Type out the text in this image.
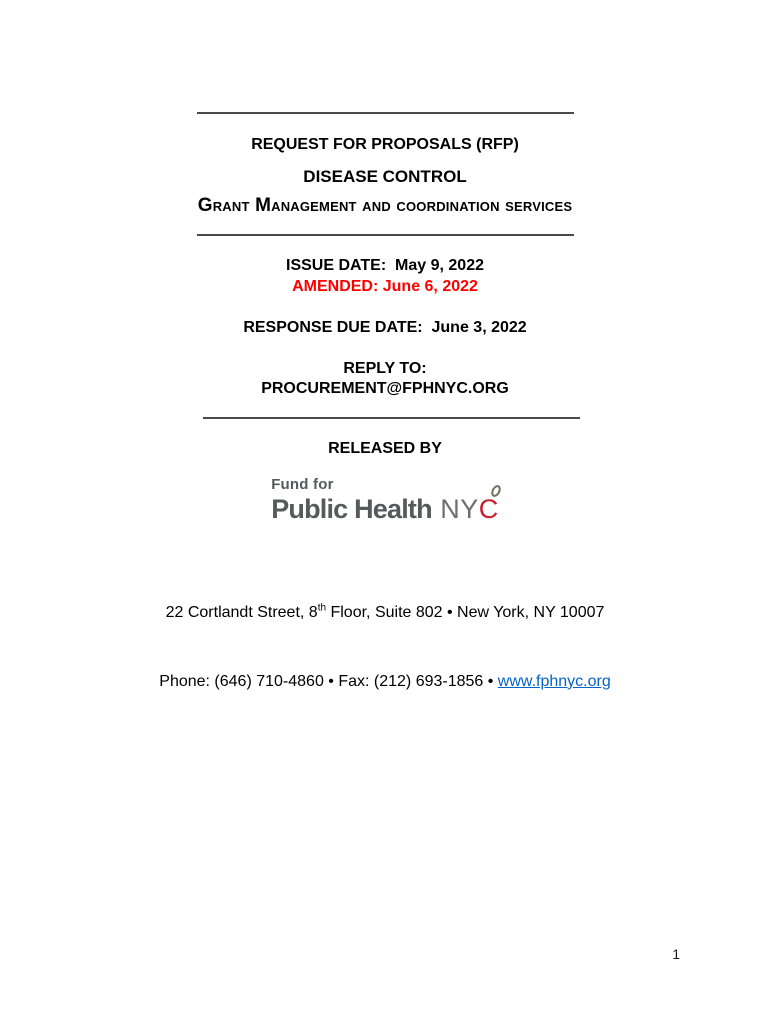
REQUEST FOR PROPOSALS (RFP)
DISEASE CONTROL
Grant Management and coordination services
ISSUE DATE:  May 9, 2022
AMENDED: June 6, 2022
RESPONSE DUE DATE:  June 3, 2022
REPLY TO:
PROCUREMENT@FPHNYC.ORG
RELEASED BY
Fund for
Public Health NYC

22 Cortlandt Street, 8th Floor, Suite 802 • New York, NY 10007

Phone: (646) 710-4860 • Fax: (212) 693-1856 • www.fphnyc.org

1
